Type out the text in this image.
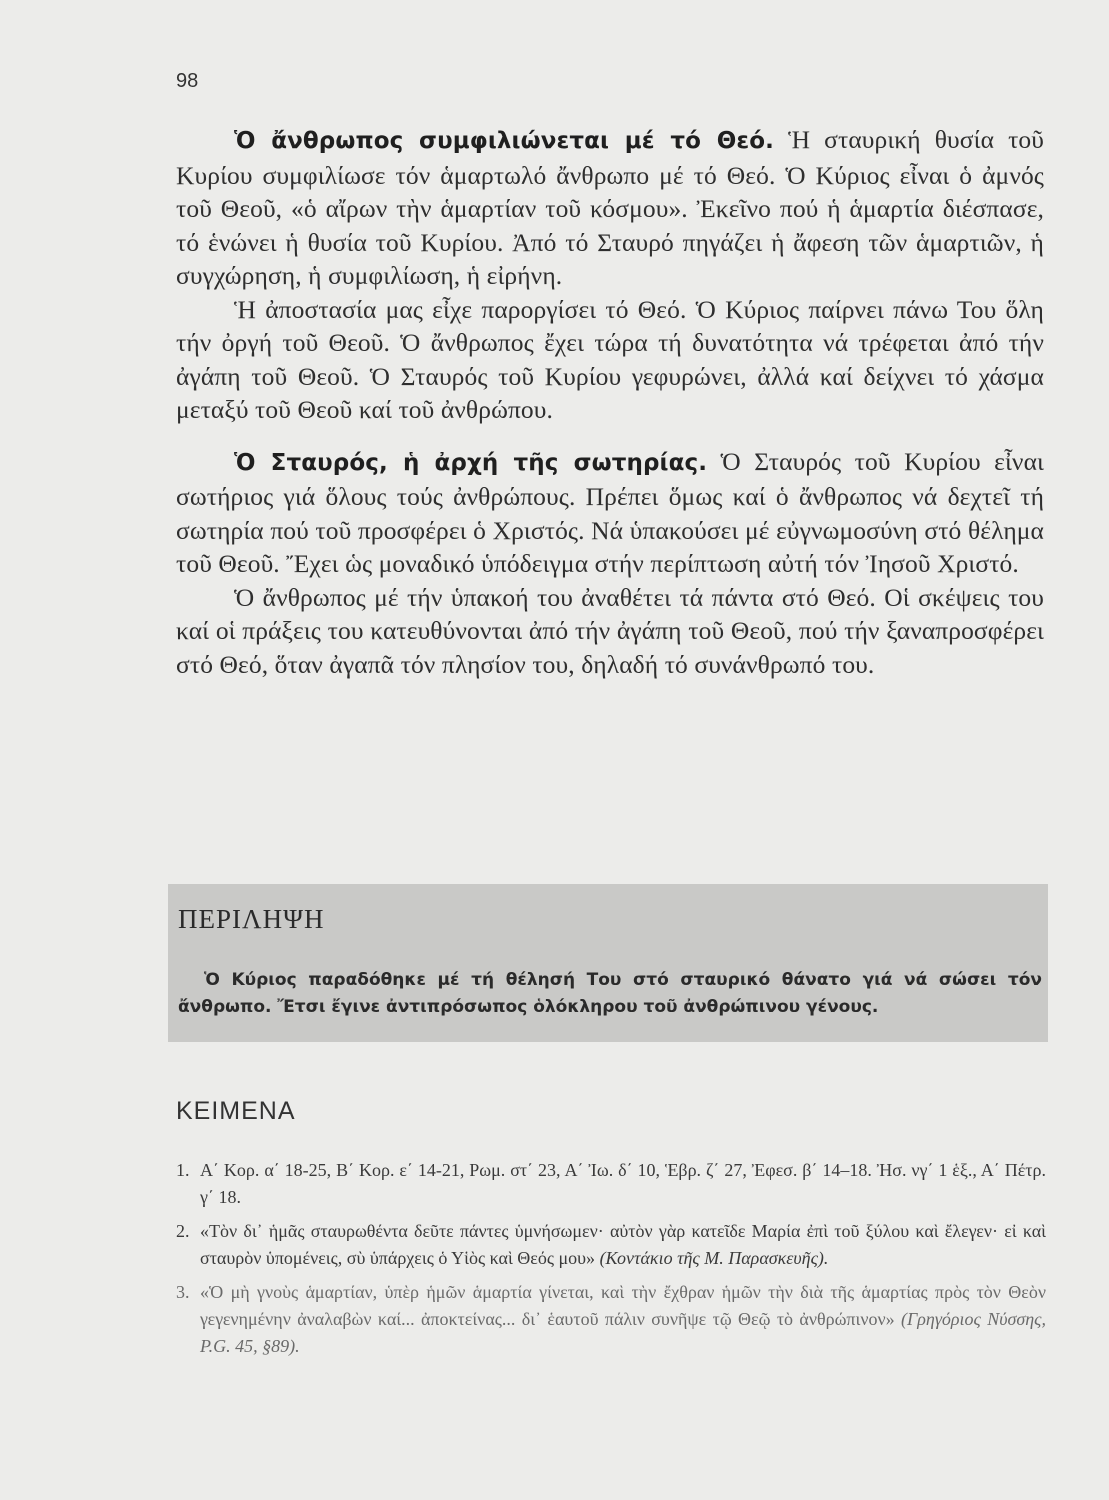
98

Ὁ ἄνθρωπος συμφιλιώνεται μέ τό Θεό. Ἡ σταυρική θυσία τοῦ Κυρίου συμφιλίωσε τόν ἁμαρτωλό ἄνθρωπο μέ τό Θεό. Ὁ Κύριος εἶναι ὁ ἀμνός τοῦ Θεοῦ, «ὁ αἴρων τὴν ἁμαρτίαν τοῦ κόσμου». Ἐκεῖνο πού ἡ ἁμαρτία διέσπασε, τό ἑνώνει ἡ θυσία τοῦ Κυρίου. Ἀπό τό Σταυρό πηγάζει ἡ ἄφεση τῶν ἁμαρτιῶν, ἡ συγχώρηση, ἡ συμφιλίωση, ἡ εἰρήνη.

Ἡ ἀποστασία μας εἶχε παροργίσει τό Θεό. Ὁ Κύριος παίρνει πάνω Του ὅλη τήν ὀργή τοῦ Θεοῦ. Ὁ ἄνθρωπος ἔχει τώρα τή δυνατότητα νά τρέφεται ἀπό τήν ἀγάπη τοῦ Θεοῦ. Ὁ Σταυρός τοῦ Κυρίου γεφυρώνει, ἀλλά καί δείχνει τό χάσμα μεταξύ τοῦ Θεοῦ καί τοῦ ἀνθρώπου.

Ὁ Σταυρός, ἡ ἀρχή τῆς σωτηρίας. Ὁ Σταυρός τοῦ Κυρίου εἶναι σωτήριος γιά ὅλους τούς ἀνθρώπους. Πρέπει ὅμως καί ὁ ἄνθρωπος νά δεχτεῖ τή σωτηρία πού τοῦ προσφέρει ὁ Χριστός. Νά ὑπακούσει μέ εὐγνωμοσύνη στό θέλημα τοῦ Θεοῦ. Ἔχει ὡς μοναδικό ὑπόδειγμα στήν περίπτωση αὐτή τόν Ἰησοῦ Χριστό.

Ὁ ἄνθρωπος μέ τήν ὑπακοή του ἀναθέτει τά πάντα στό Θεό. Οἱ σκέψεις του καί οἱ πράξεις του κατευθύνονται ἀπό τήν ἀγάπη τοῦ Θεοῦ, πού τήν ξαναπροσφέρει στό Θεό, ὅταν ἀγαπᾶ τόν πλησίον του, δηλαδή τό συνάνθρωπό του.

ΠΕΡΙΛΗΨΗ
Ὁ Κύριος παραδόθηκε μέ τή θέλησή Του στό σταυρικό θάνατο γιά νά σώσει τόν ἄνθρωπο. Ἔτσι ἔγινε ἀντιπρόσωπος ὁλόκληρου τοῦ ἀνθρώπινου γένους.
ΚΕΙΜΕΝΑ
1. Α΄ Κορ. α΄ 18-25, Β΄ Κορ. ε΄ 14-21, Ρωμ. στ΄ 23, Α΄ Ἰω. δ΄ 10, Ἑβρ. ζ΄ 27, Ἐφεσ. β΄ 14–18. Ἠσ. νγ΄ 1 ἑξ., Α΄ Πέτρ. γ΄ 18.
2. «Τὸν δι᾿ ἡμᾶς σταυρωθέντα δεῦτε πάντες ὑμνήσωμεν· αὐτὸν γὰρ κατεῖδε Μαρία ἐπὶ τοῦ ξύλου καὶ ἔλεγεν· εἰ καὶ σταυρὸν ὑπομένεις, σὺ ὑπάρχεις ὁ Υἱὸς καὶ Θεός μου» (Κοντάκιο τῆς Μ. Παρασκευῆς).
3. «Ὁ μὴ γνοὺς ἁμαρτίαν, ὑπὲρ ἡμῶν ἁμαρτία γίνεται, καὶ τὴν ἔχθραν ἡμῶν τὴν διὰ τῆς ἁμαρτίας πρὸς τὸν Θεὸν γεγενημένην ἀναλαβὼν καί... ἀποκτείνας... δι᾿ ἑαυτοῦ πάλιν συνῆψε τῷ Θεῷ τὸ ἀνθρώπινον» (Γρηγόριος Νύσσης, P.G. 45, §89).
